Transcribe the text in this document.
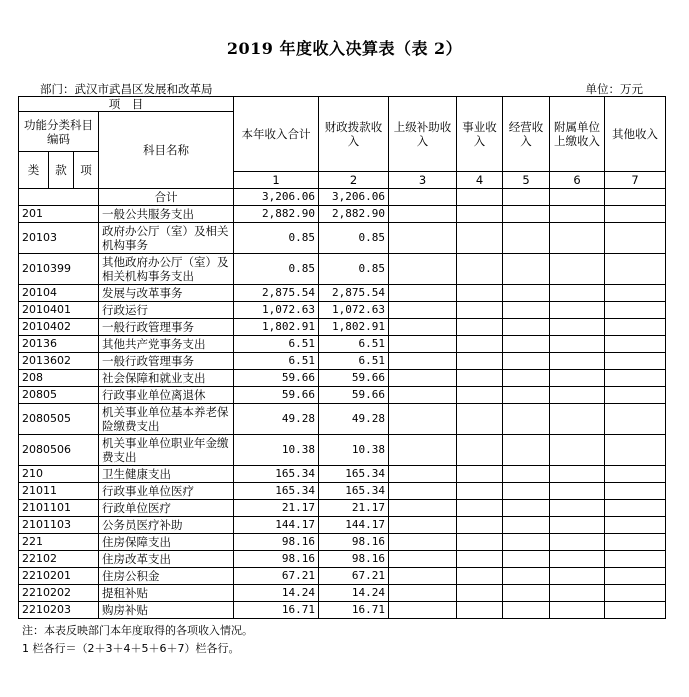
2019 年度收入决算表（表 2）
部门：武汉市武昌区发展和改革局	单位：万元
项　目				本年收入合计	财政拨款收入	上级补助收入	事业收入	经营收入	附属单位上缴收入	其他收入
功能分类科目编码			科目名称							
类	款	项								
				1	2	3	4	5	6	7
			合计	3,206.06	3,206.06					
201			一般公共服务支出	2,882.90	2,882.90					
20103			政府办公厅（室）及相关机构事务	0.85	0.85					
2010399			其他政府办公厅（室）及相关机构事务支出	0.85	0.85					
20104			发展与改革事务	2,875.54	2,875.54					
2010401			行政运行	1,072.63	1,072.63					
2010402			一般行政管理事务	1,802.91	1,802.91					
20136			其他共产党事务支出	6.51	6.51					
2013602			一般行政管理事务	6.51	6.51					
208			社会保障和就业支出	59.66	59.66					
20805			行政事业单位离退休	59.66	59.66					
2080505			机关事业单位基本养老保险缴费支出	49.28	49.28					
2080506			机关事业单位职业年金缴费支出	10.38	10.38					
210			卫生健康支出	165.34	165.34					
21011			行政事业单位医疗	165.34	165.34					
2101101			行政单位医疗	21.17	21.17					
2101103			公务员医疗补助	144.17	144.17					
221			住房保障支出	98.16	98.16					
22102			住房改革支出	98.16	98.16					
2210201			住房公积金	67.21	67.21					
2210202			提租补贴	14.24	14.24					
2210203			购房补贴	16.71	16.71					
注：本表反映部门本年度取得的各项收入情况。
1 栏各行＝（2＋3＋4＋5＋6＋7）栏各行。
